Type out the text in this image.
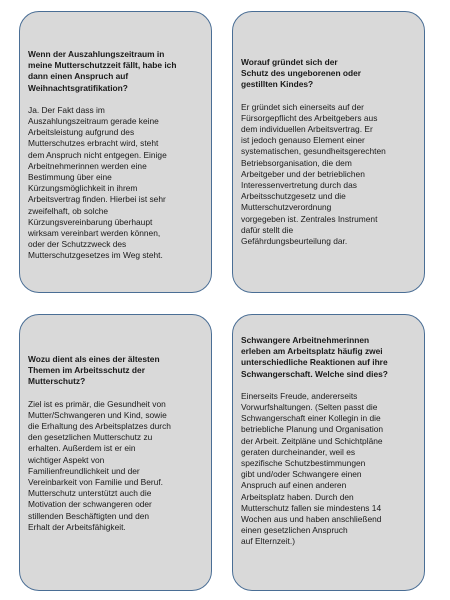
Wenn der Auszahlungszeitraum in
meine Mutterschutzzeit fällt, habe ich
dann einen Anspruch auf
Weihnachtsgratifikation?

Ja. Der Fakt dass im
Auszahlungszeitraum gerade keine
Arbeitsleistung aufgrund des
Mutterschutzes erbracht wird, steht
dem Anspruch nicht entgegen. Einige
Arbeitnehmerinnen werden eine
Bestimmung über eine
Kürzungsmöglichkeit in ihrem
Arbeitsvertrag finden. Hierbei ist sehr
zweifelhaft, ob solche
Kürzungsvereinbarung überhaupt
wirksam vereinbart werden können,
oder der Schutzzweck des
Mutterschutzgesetzes im Weg steht.

Worauf gründet sich der
Schutz des ungeborenen oder
gestillten Kindes?

Er gründet sich einerseits auf der
Fürsorgepflicht des Arbeitgebers aus
dem individuellen Arbeitsvertrag. Er
ist jedoch genauso Element einer
systematischen, gesundheitsgerechten
Betriebsorganisation, die dem
Arbeitgeber und der betrieblichen
Interessenvertretung durch das
Arbeitsschutzgesetz und die
Mutterschutzverordnung
vorgegeben ist. Zentrales Instrument
dafür stellt die
Gefährdungsbeurteilung dar.

Wozu dient als eines der ältesten
Themen im Arbeitsschutz der
Mutterschutz?

Ziel ist es primär, die Gesundheit von
Mutter/Schwangeren und Kind, sowie
die Erhaltung des Arbeitsplatzes durch
den gesetzlichen Mutterschutz zu
erhalten. Außerdem ist er ein
wichtiger Aspekt von
Familienfreundlichkeit und der
Vereinbarkeit von Familie und Beruf.
Mutterschutz unterstützt auch die
Motivation der schwangeren oder
stillenden Beschäftigten und den
Erhalt der Arbeitsfähigkeit.

Schwangere Arbeitnehmerinnen
erleben am Arbeitsplatz häufig zwei
unterschiedliche Reaktionen auf ihre
Schwangerschaft. Welche sind dies?

Einerseits Freude, andererseits
Vorwurfshaltungen. (Selten passt die
Schwangerschaft einer Kollegin in die
betriebliche Planung und Organisation
der Arbeit. Zeitpläne und Schichtpläne
geraten durcheinander, weil es
spezifische Schutzbestimmungen
gibt und/oder Schwangere einen
Anspruch auf einen anderen
Arbeitsplatz haben. Durch den
Mutterschutz fallen sie mindestens 14
Wochen aus und haben anschließend
einen gesetzlichen Anspruch
auf Elternzeit.)
